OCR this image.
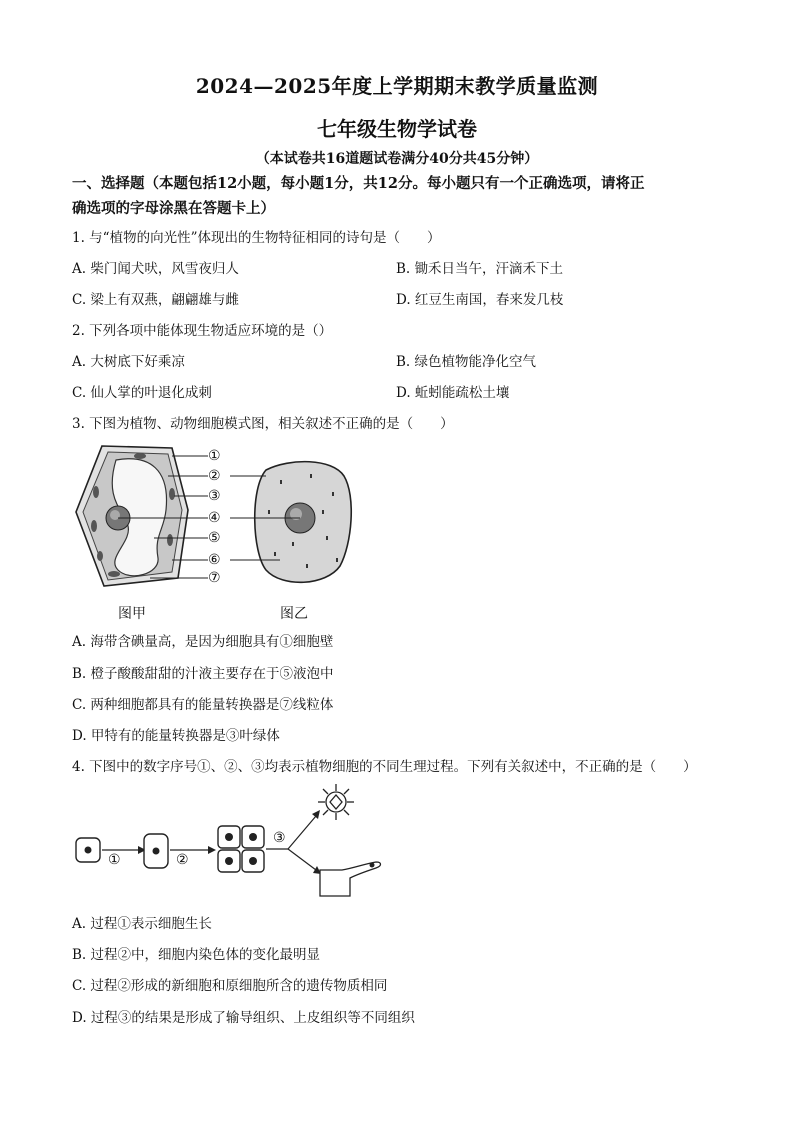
2024—2025年度上学期期末教学质量监测
七年级生物学试卷
（本试卷共16道题试卷满分40分共45分钟）
一、选择题（本题包括12小题，每小题1分，共12分。每小题只有一个正确选项，请将正
确选项的字母涂黑在答题卡上）
1. 与“植物的向光性”体现出的生物特征相同的诗句是（　　）
A. 柴门闻犬吠，风雪夜归人	B. 锄禾日当午，汗滴禾下土
C. 梁上有双燕，翩翩雄与雌	D. 红豆生南国，春来发几枝
2. 下列各项中能体现生物适应环境的是（）
A. 大树底下好乘凉	B. 绿色植物能净化空气
C. 仙人掌的叶退化成刺	D. 蚯蚓能疏松土壤
3. 下图为植物、动物细胞模式图，相关叙述不正确的是（　　）
①
②
③
④
⑤
⑥
⑦
图甲	图乙
A. 海带含碘量高，是因为细胞具有①细胞壁
B. 橙子酸酸甜甜的汁液主要存在于⑤液泡中
C. 两种细胞都具有的能量转换器是⑦线粒体
D. 甲特有的能量转换器是③叶绿体
4. 下图中的数字序号①、②、③均表示植物细胞的不同生理过程。下列有关叙述中，不正确的是（　　）
①	②
③
A. 过程①表示细胞生长
B. 过程②中，细胞内染色体的变化最明显
C. 过程②形成的新细胞和原细胞所含的遗传物质相同
D. 过程③的结果是形成了输导组织、上皮组织等不同组织
